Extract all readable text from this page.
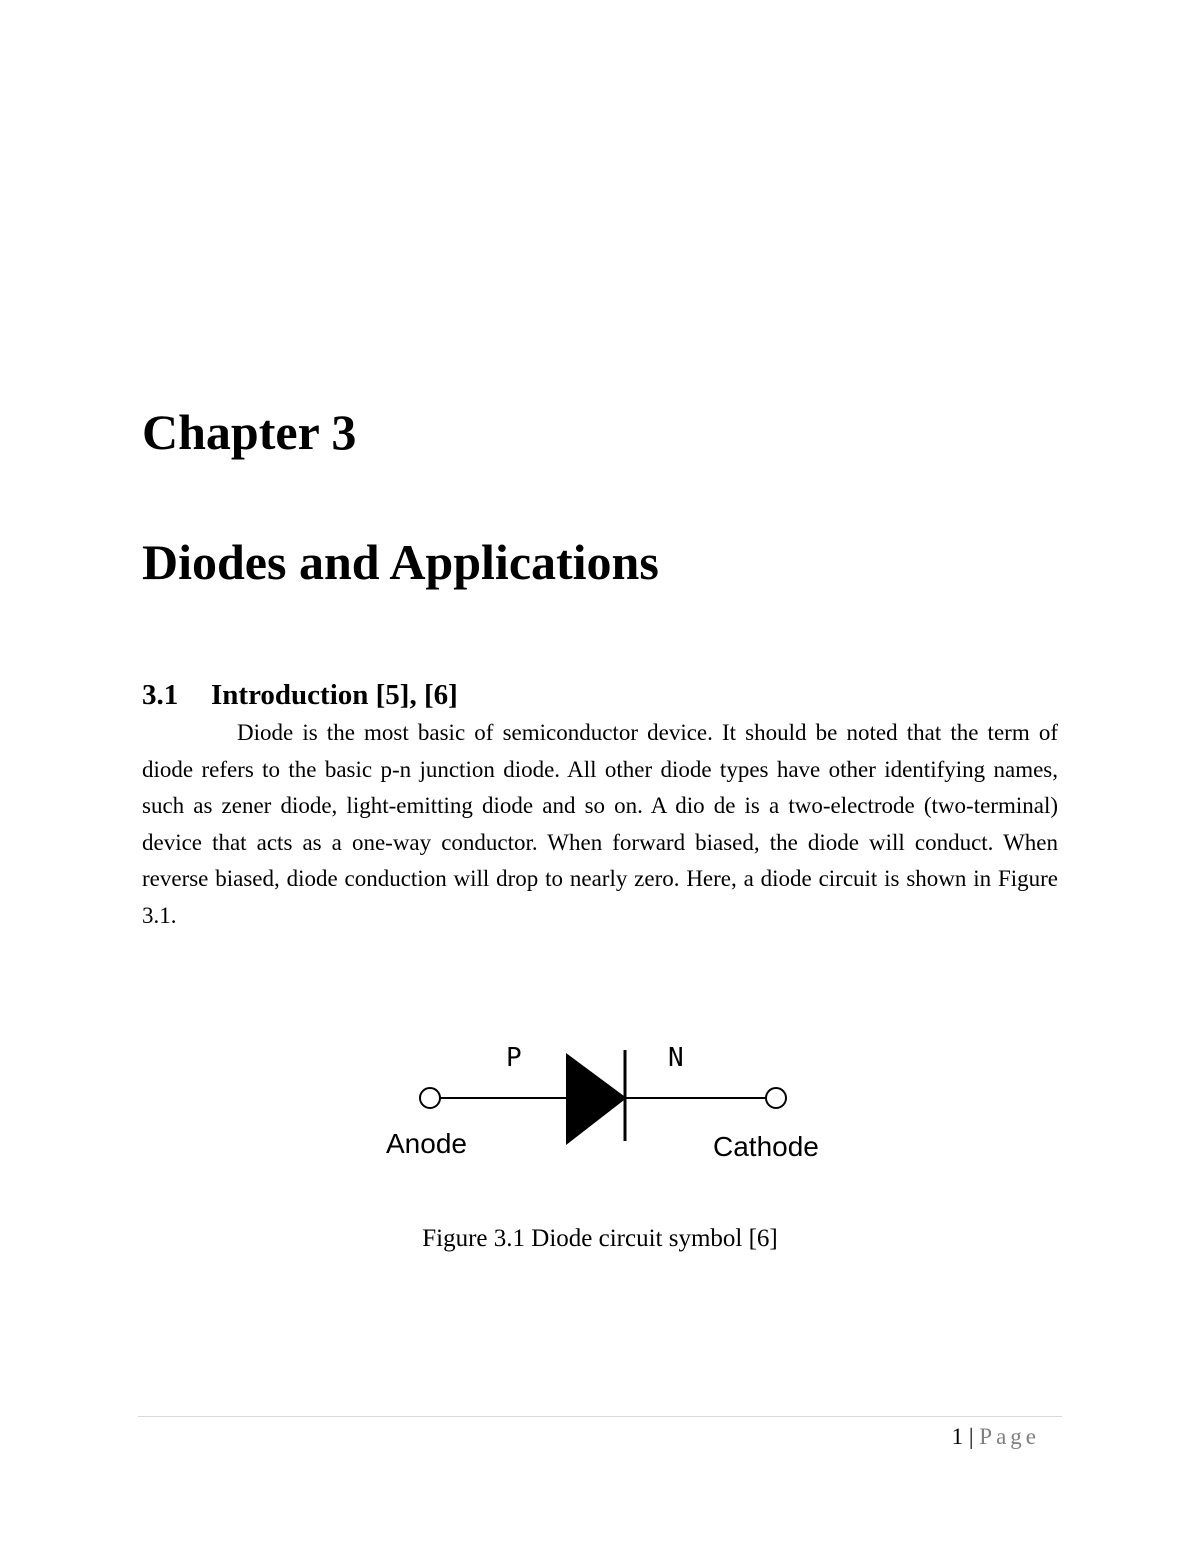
Chapter 3
Diodes and Applications
3.1	Introduction [5], [6]

Diode is the most basic of semiconductor device. It should be noted that the term of diode refers to the basic p-n junction diode. All other diode types have other identifying names, such as zener diode, light-emitting diode and so on. A dio de is a two-electrode (two-terminal) device that acts as a one-way conductor. When forward biased, the diode will conduct. When reverse biased, diode conduction will drop to nearly zero. Here, a diode circuit is shown in Figure 3.1.

P	N
Anode	Cathode

Figure 3.1 Diode circuit symbol [6]

1 | Page
